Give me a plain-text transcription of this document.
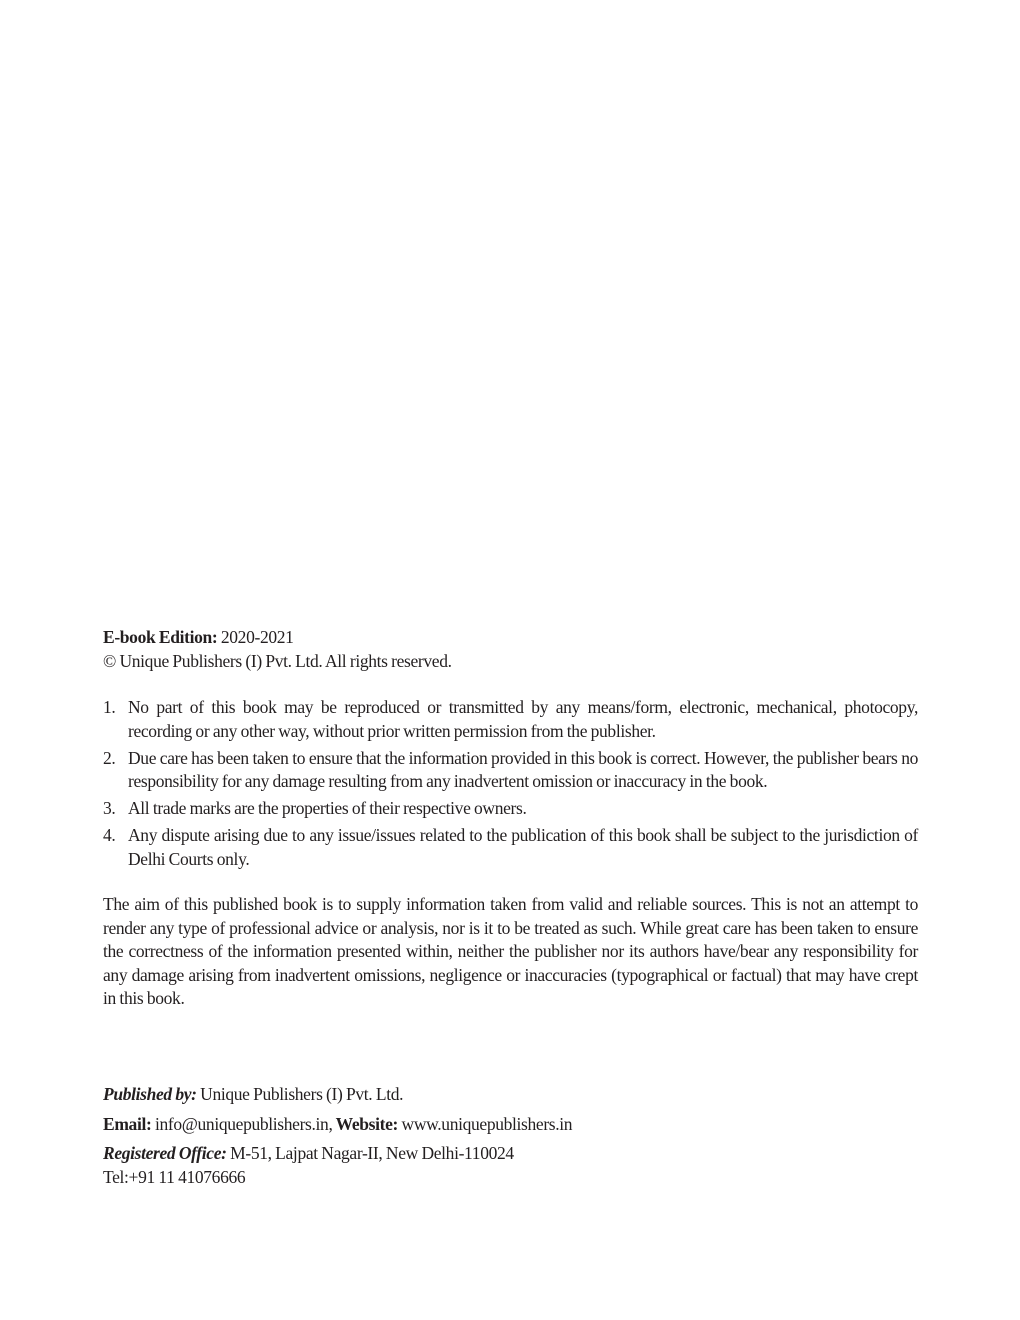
E-book Edition: 2020-2021
© Unique Publishers (I) Pvt. Ltd. All rights reserved.
1. No part of this book may be reproduced or transmitted by any means/form, electronic, mechanical, photocopy, recording or any other way, without prior written permission from the publisher.
2. Due care has been taken to ensure that the information provided in this book is correct. However, the publisher bears no responsibility for any damage resulting from any inadvertent omission or inaccuracy in the book.
3. All trade marks are the properties of their respective owners.
4. Any dispute arising due to any issue/issues related to the publication of this book shall be subject to the jurisdiction of Delhi Courts only.

The aim of this published book is to supply information taken from valid and reliable sources. This is not an attempt to render any type of professional advice or analysis, nor is it to be treated as such. While great care has been taken to ensure the correctness of the information presented within, neither the publisher nor its authors have/bear any responsibility for any damage arising from inadvertent omissions, negligence or inaccuracies (typographical or factual) that may have crept in this book.

Published by: Unique Publishers (I) Pvt. Ltd.
Email: info@uniquepublishers.in, Website: www.uniquepublishers.in
Registered Office: M-51, Lajpat Nagar-II, New Delhi-110024
Tel:+91 11 41076666
